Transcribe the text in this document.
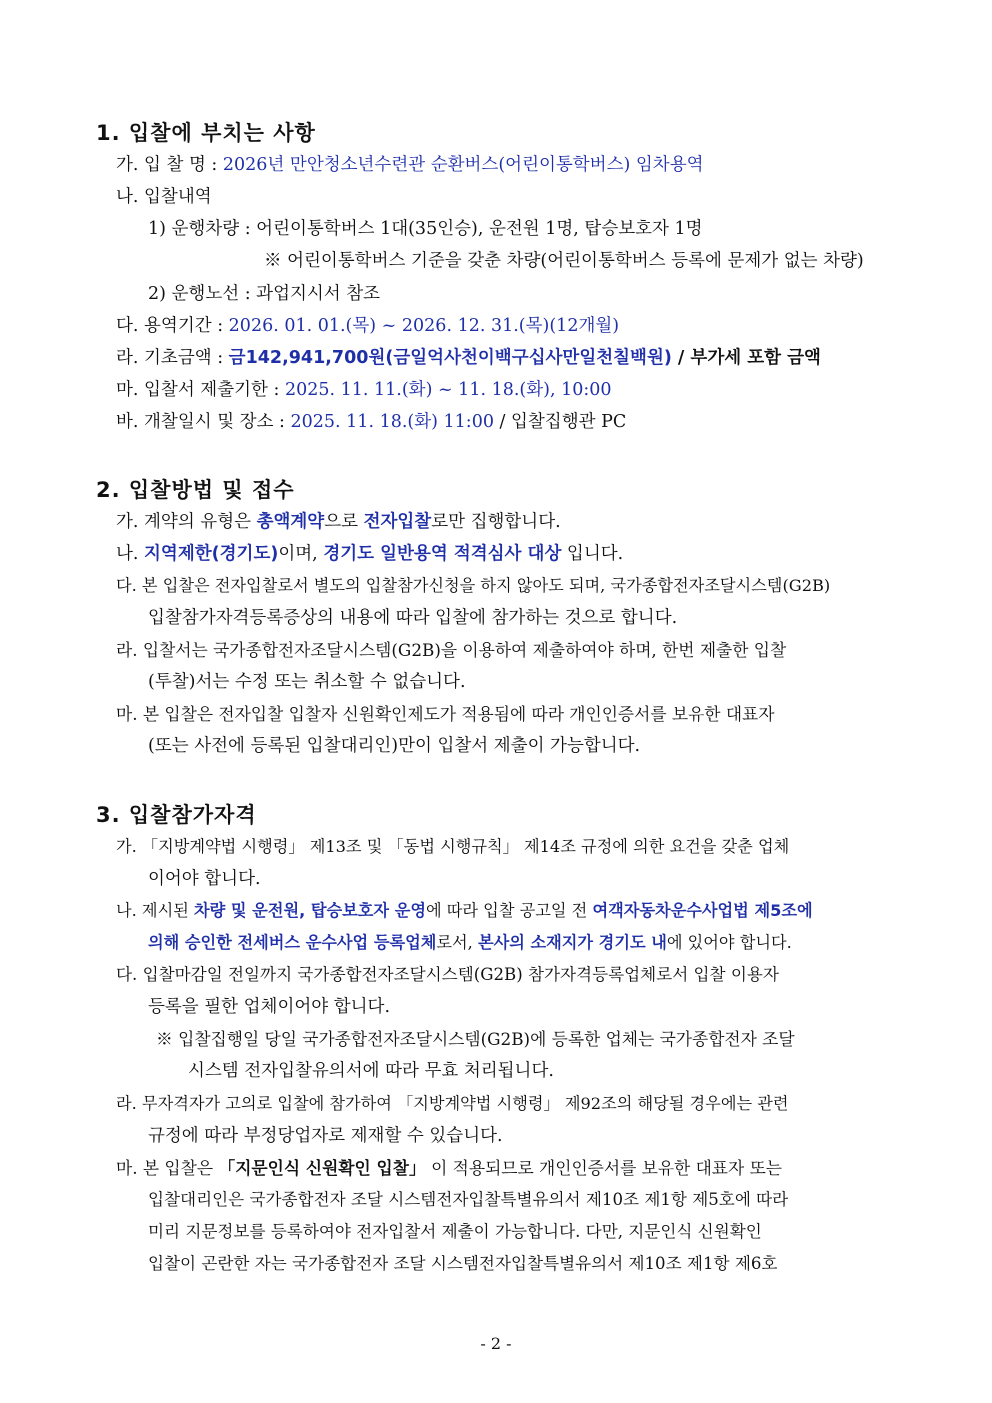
1. 입찰에 부치는 사항
가. 입 찰 명 : 2026년 만안청소년수련관 순환버스(어린이통학버스) 임차용역
나. 입찰내역
1) 운행차량 : 어린이통학버스 1대(35인승), 운전원 1명, 탑승보호자 1명
※ 어린이통학버스 기준을 갖춘 차량(어린이통학버스 등록에 문제가 없는 차량)
2) 운행노선 : 과업지시서 참조
다. 용역기간 : 2026. 01. 01.(목) ~ 2026. 12. 31.(목)(12개월)
라. 기초금액 : 금142,941,700원(금일억사천이백구십사만일천칠백원) / 부가세 포함 금액
마. 입찰서 제출기한 : 2025. 11. 11.(화) ~ 11. 18.(화), 10:00
바. 개찰일시 및 장소 : 2025. 11. 18.(화) 11:00 / 입찰집행관 PC
2. 입찰방법 및 접수
가. 계약의 유형은 총액계약으로 전자입찰로만 집행합니다.
나. 지역제한(경기도)이며, 경기도 일반용역 적격심사 대상 입니다.
다. 본 입찰은 전자입찰로서 별도의 입찰참가신청을 하지 않아도 되며, 국가종합전자조달시스템(G2B)
입찰참가자격등록증상의 내용에 따라 입찰에 참가하는 것으로 합니다.
라. 입찰서는 국가종합전자조달시스템(G2B)을 이용하여 제출하여야 하며, 한번 제출한 입찰
(투찰)서는 수정 또는 취소할 수 없습니다.
마. 본 입찰은 전자입찰 입찰자 신원확인제도가 적용됨에 따라 개인인증서를 보유한 대표자
(또는 사전에 등록된 입찰대리인)만이 입찰서 제출이 가능합니다.
3. 입찰참가자격
가. 「지방계약법 시행령」 제13조 및 「동법 시행규칙」 제14조 규정에 의한 요건을 갖춘 업체
이어야 합니다.
나. 제시된 차량 및 운전원, 탑승보호자 운영에 따라 입찰 공고일 전 여객자동차운수사업법 제5조에
의해 승인한 전세버스 운수사업 등록업체로서, 본사의 소재지가 경기도 내에 있어야 합니다.
다. 입찰마감일 전일까지 국가종합전자조달시스템(G2B) 참가자격등록업체로서 입찰 이용자
등록을 필한 업체이어야 합니다.
※ 입찰집행일 당일 국가종합전자조달시스템(G2B)에 등록한 업체는 국가종합전자 조달
시스템 전자입찰유의서에 따라 무효 처리됩니다.
라. 무자격자가 고의로 입찰에 참가하여 「지방계약법 시행령」 제92조의 해당될 경우에는 관련
규정에 따라 부정당업자로 제재할 수 있습니다.
마. 본 입찰은 「지문인식 신원확인 입찰」 이 적용되므로 개인인증서를 보유한 대표자 또는
입찰대리인은 국가종합전자 조달 시스템전자입찰특별유의서 제10조 제1항 제5호에 따라
미리 지문정보를 등록하여야 전자입찰서 제출이 가능합니다. 다만, 지문인식 신원확인
입찰이 곤란한 자는 국가종합전자 조달 시스템전자입찰특별유의서 제10조 제1항 제6호
- 2 -
